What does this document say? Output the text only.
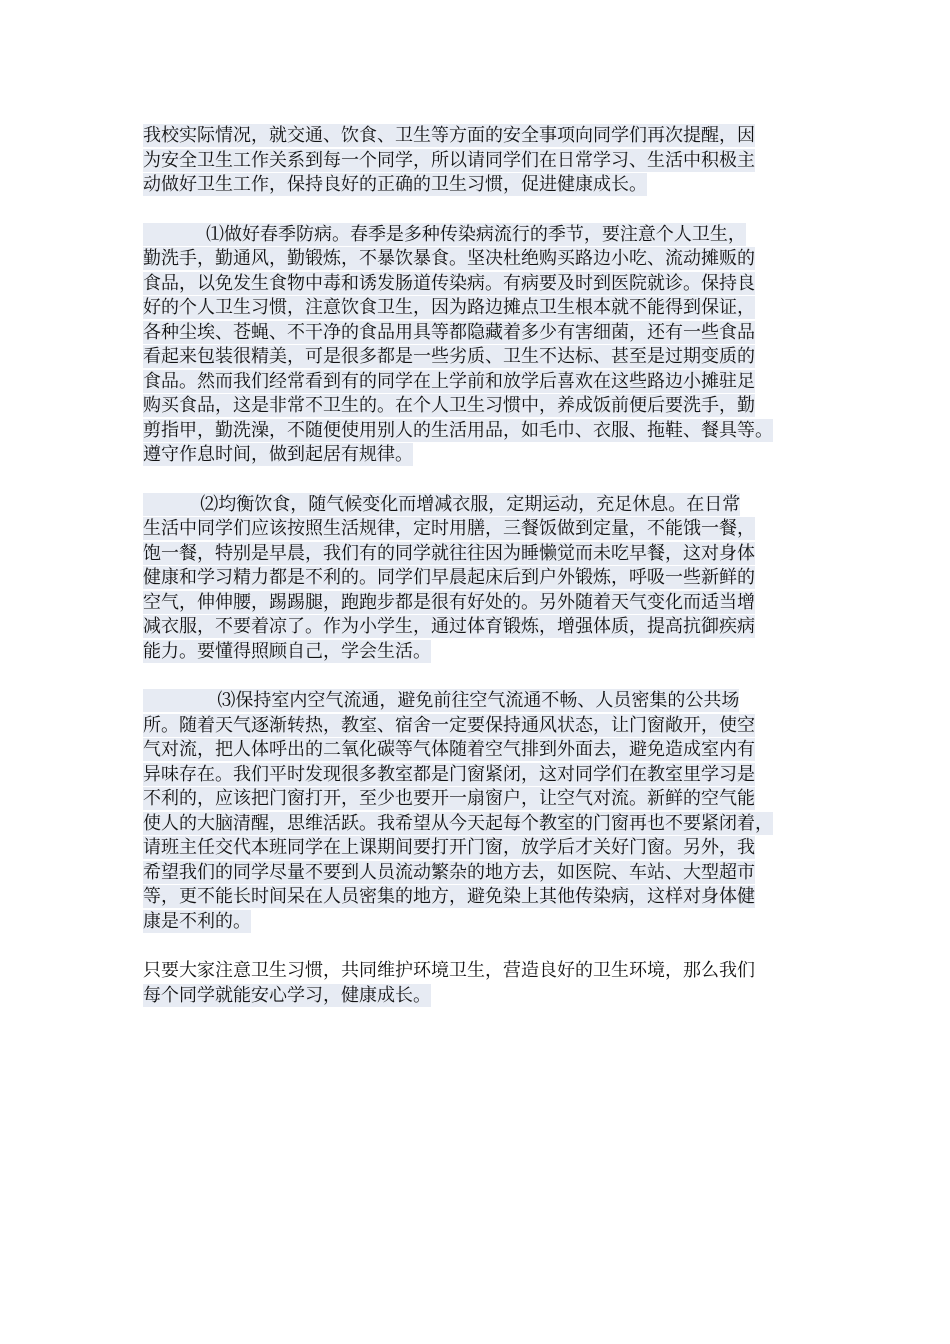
我校实际情况，就交通、饮食、卫生等方面的安全事项向同学们再次提醒，因
为安全卫生工作关系到每一个同学，所以请同学们在日常学习、生活中积极主
动做好卫生工作，保持良好的正确的卫生习惯，促进健康成长。

⑴做好春季防病。春季是多种传染病流行的季节，要注意个人卫生，
勤洗手，勤通风，勤锻炼，不暴饮暴食。坚决杜绝购买路边小吃、流动摊贩的
食品，以免发生食物中毒和诱发肠道传染病。有病要及时到医院就诊。保持良
好的个人卫生习惯，注意饮食卫生，因为路边摊点卫生根本就不能得到保证，
各种尘埃、苍蝇、不干净的食品用具等都隐藏着多少有害细菌，还有一些食品
看起来包装很精美，可是很多都是一些劣质、卫生不达标、甚至是过期变质的
食品。然而我们经常看到有的同学在上学前和放学后喜欢在这些路边小摊驻足
购买食品，这是非常不卫生的。在个人卫生习惯中，养成饭前便后要洗手，勤
剪指甲，勤洗澡，不随便使用别人的生活用品，如毛巾、衣服、拖鞋、餐具等。
遵守作息时间，做到起居有规律。

⑵均衡饮食，随气候变化而增减衣服，定期运动，充足休息。在日常
生活中同学们应该按照生活规律，定时用膳，三餐饭做到定量，不能饿一餐，
饱一餐，特别是早晨，我们有的同学就往往因为睡懒觉而未吃早餐，这对身体
健康和学习精力都是不利的。同学们早晨起床后到户外锻炼，呼吸一些新鲜的
空气，伸伸腰，踢踢腿，跑跑步都是很有好处的。另外随着天气变化而适当增
减衣服，不要着凉了。作为小学生，通过体育锻炼，增强体质，提高抗御疾病
能力。要懂得照顾自己，学会生活。

⑶保持室内空气流通，避免前往空气流通不畅、人员密集的公共场
所。随着天气逐渐转热，教室、宿舍一定要保持通风状态，让门窗敞开，使空
气对流，把人体呼出的二氧化碳等气体随着空气排到外面去，避免造成室内有
异味存在。我们平时发现很多教室都是门窗紧闭，这对同学们在教室里学习是
不利的，应该把门窗打开，至少也要开一扇窗户，让空气对流。新鲜的空气能
使人的大脑清醒，思维活跃。我希望从今天起每个教室的门窗再也不要紧闭着，
请班主任交代本班同学在上课期间要打开门窗，放学后才关好门窗。另外，我
希望我们的同学尽量不要到人员流动繁杂的地方去，如医院、车站、大型超市
等，更不能长时间呆在人员密集的地方，避免染上其他传染病，这样对身体健
康是不利的。

只要大家注意卫生习惯，共同维护环境卫生，营造良好的卫生环境，那么我们
每个同学就能安心学习，健康成长。
